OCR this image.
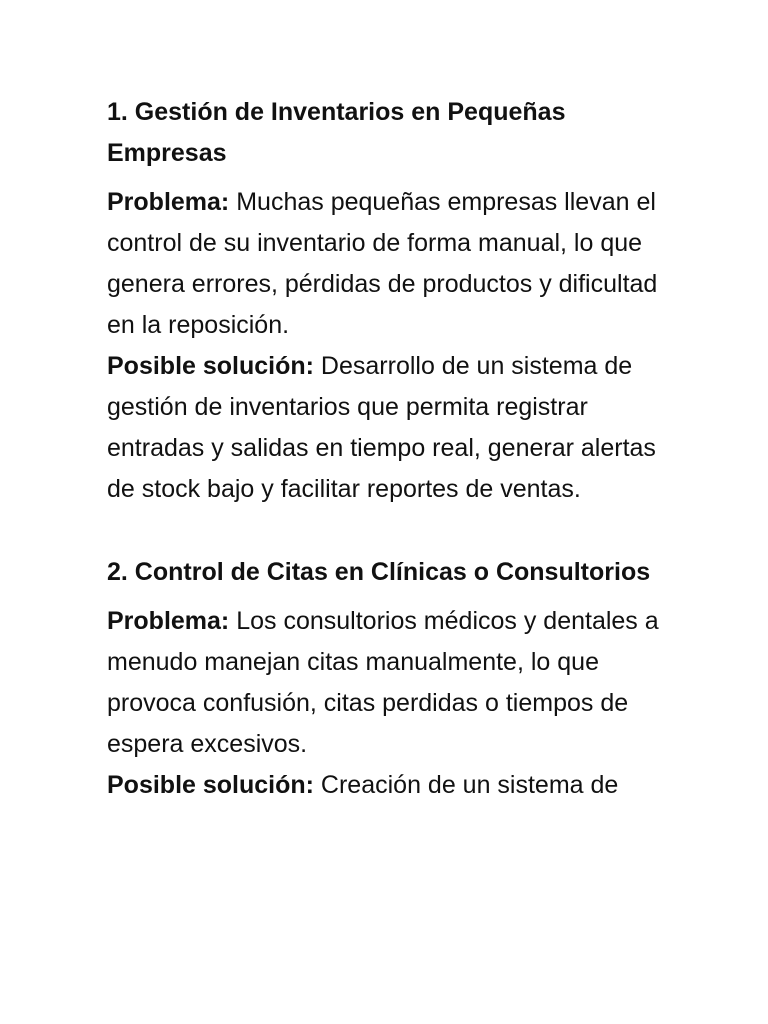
1. Gestión de Inventarios en Pequeñas Empresas

Problema: Muchas pequeñas empresas llevan el control de su inventario de forma manual, lo que genera errores, pérdidas de productos y dificultad en la reposición.

Posible solución: Desarrollo de un sistema de gestión de inventarios que permita registrar entradas y salidas en tiempo real, generar alertas de stock bajo y facilitar reportes de ventas.

2. Control de Citas en Clínicas o Consultorios

Problema: Los consultorios médicos y dentales a menudo manejan citas manualmente, lo que provoca confusión, citas perdidas o tiempos de espera excesivos.

Posible solución: Creación de un sistema de
